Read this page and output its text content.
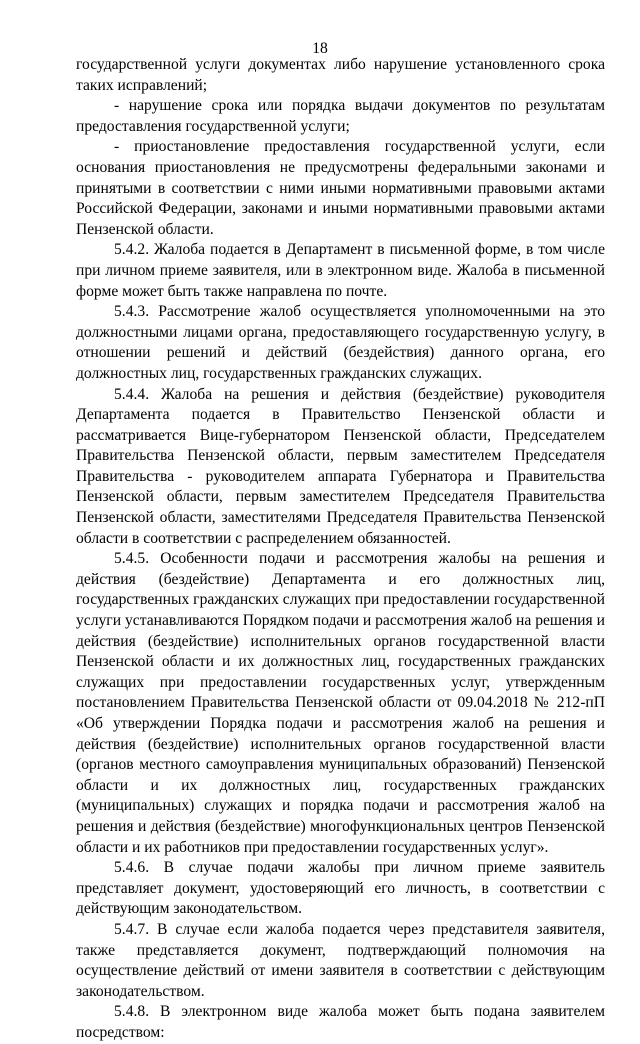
18

государственной услуги документах либо нарушение установленного срока таких исправлений;

- нарушение срока или порядка выдачи документов по результатам предоставления государственной услуги;

- приостановление предоставления государственной услуги, если основания приостановления не предусмотрены федеральными законами и принятыми в соответствии с ними иными нормативными правовыми актами Российской Федерации, законами и иными нормативными правовыми актами Пензенской области.

5.4.2. Жалоба подается в Департамент в письменной форме, в том числе при личном приеме заявителя, или в электронном виде. Жалоба в письменной форме может быть также направлена по почте.

5.4.3. Рассмотрение жалоб осуществляется уполномоченными на это должностными лицами органа, предоставляющего государственную услугу, в отношении решений и действий (бездействия) данного органа, его должностных лиц, государственных гражданских служащих.

5.4.4. Жалоба на решения и действия (бездействие) руководителя Департамента подается в Правительство Пензенской области и рассматривается Вице-губернатором Пензенской области, Председателем Правительства Пензенской области, первым заместителем Председателя Правительства - руководителем аппарата Губернатора и Правительства Пензенской области, первым заместителем Председателя Правительства Пензенской области, заместителями Председателя Правительства Пензенской области в соответствии с распределением обязанностей.

5.4.5. Особенности подачи и рассмотрения жалобы на решения и действия (бездействие) Департамента и его должностных лиц, государственных гражданских служащих при предоставлении государственной услуги устанавливаются Порядком подачи и рассмотрения жалоб на решения и действия (бездействие) исполнительных органов государственной власти Пензенской области и их должностных лиц, государственных гражданских служащих при предоставлении государственных услуг, утвержденным постановлением Правительства Пензенской области от 09.04.2018 № 212-пП «Об утверждении Порядка подачи и рассмотрения жалоб на решения и действия (бездействие) исполнительных органов государственной власти (органов местного самоуправления муниципальных образований) Пензенской области и их должностных лиц, государственных гражданских (муниципальных) служащих и порядка подачи и рассмотрения жалоб на решения и действия (бездействие) многофункциональных центров Пензенской области и их работников при предоставлении государственных услуг».

5.4.6. В случае подачи жалобы при личном приеме заявитель представляет документ, удостоверяющий его личность, в соответствии с действующим законодательством.

5.4.7. В случае если жалоба подается через представителя заявителя, также представляется документ, подтверждающий полномочия на осуществление действий от имени заявителя в соответствии с действующим законодательством.

5.4.8. В электронном виде жалоба может быть подана заявителем посредством:
